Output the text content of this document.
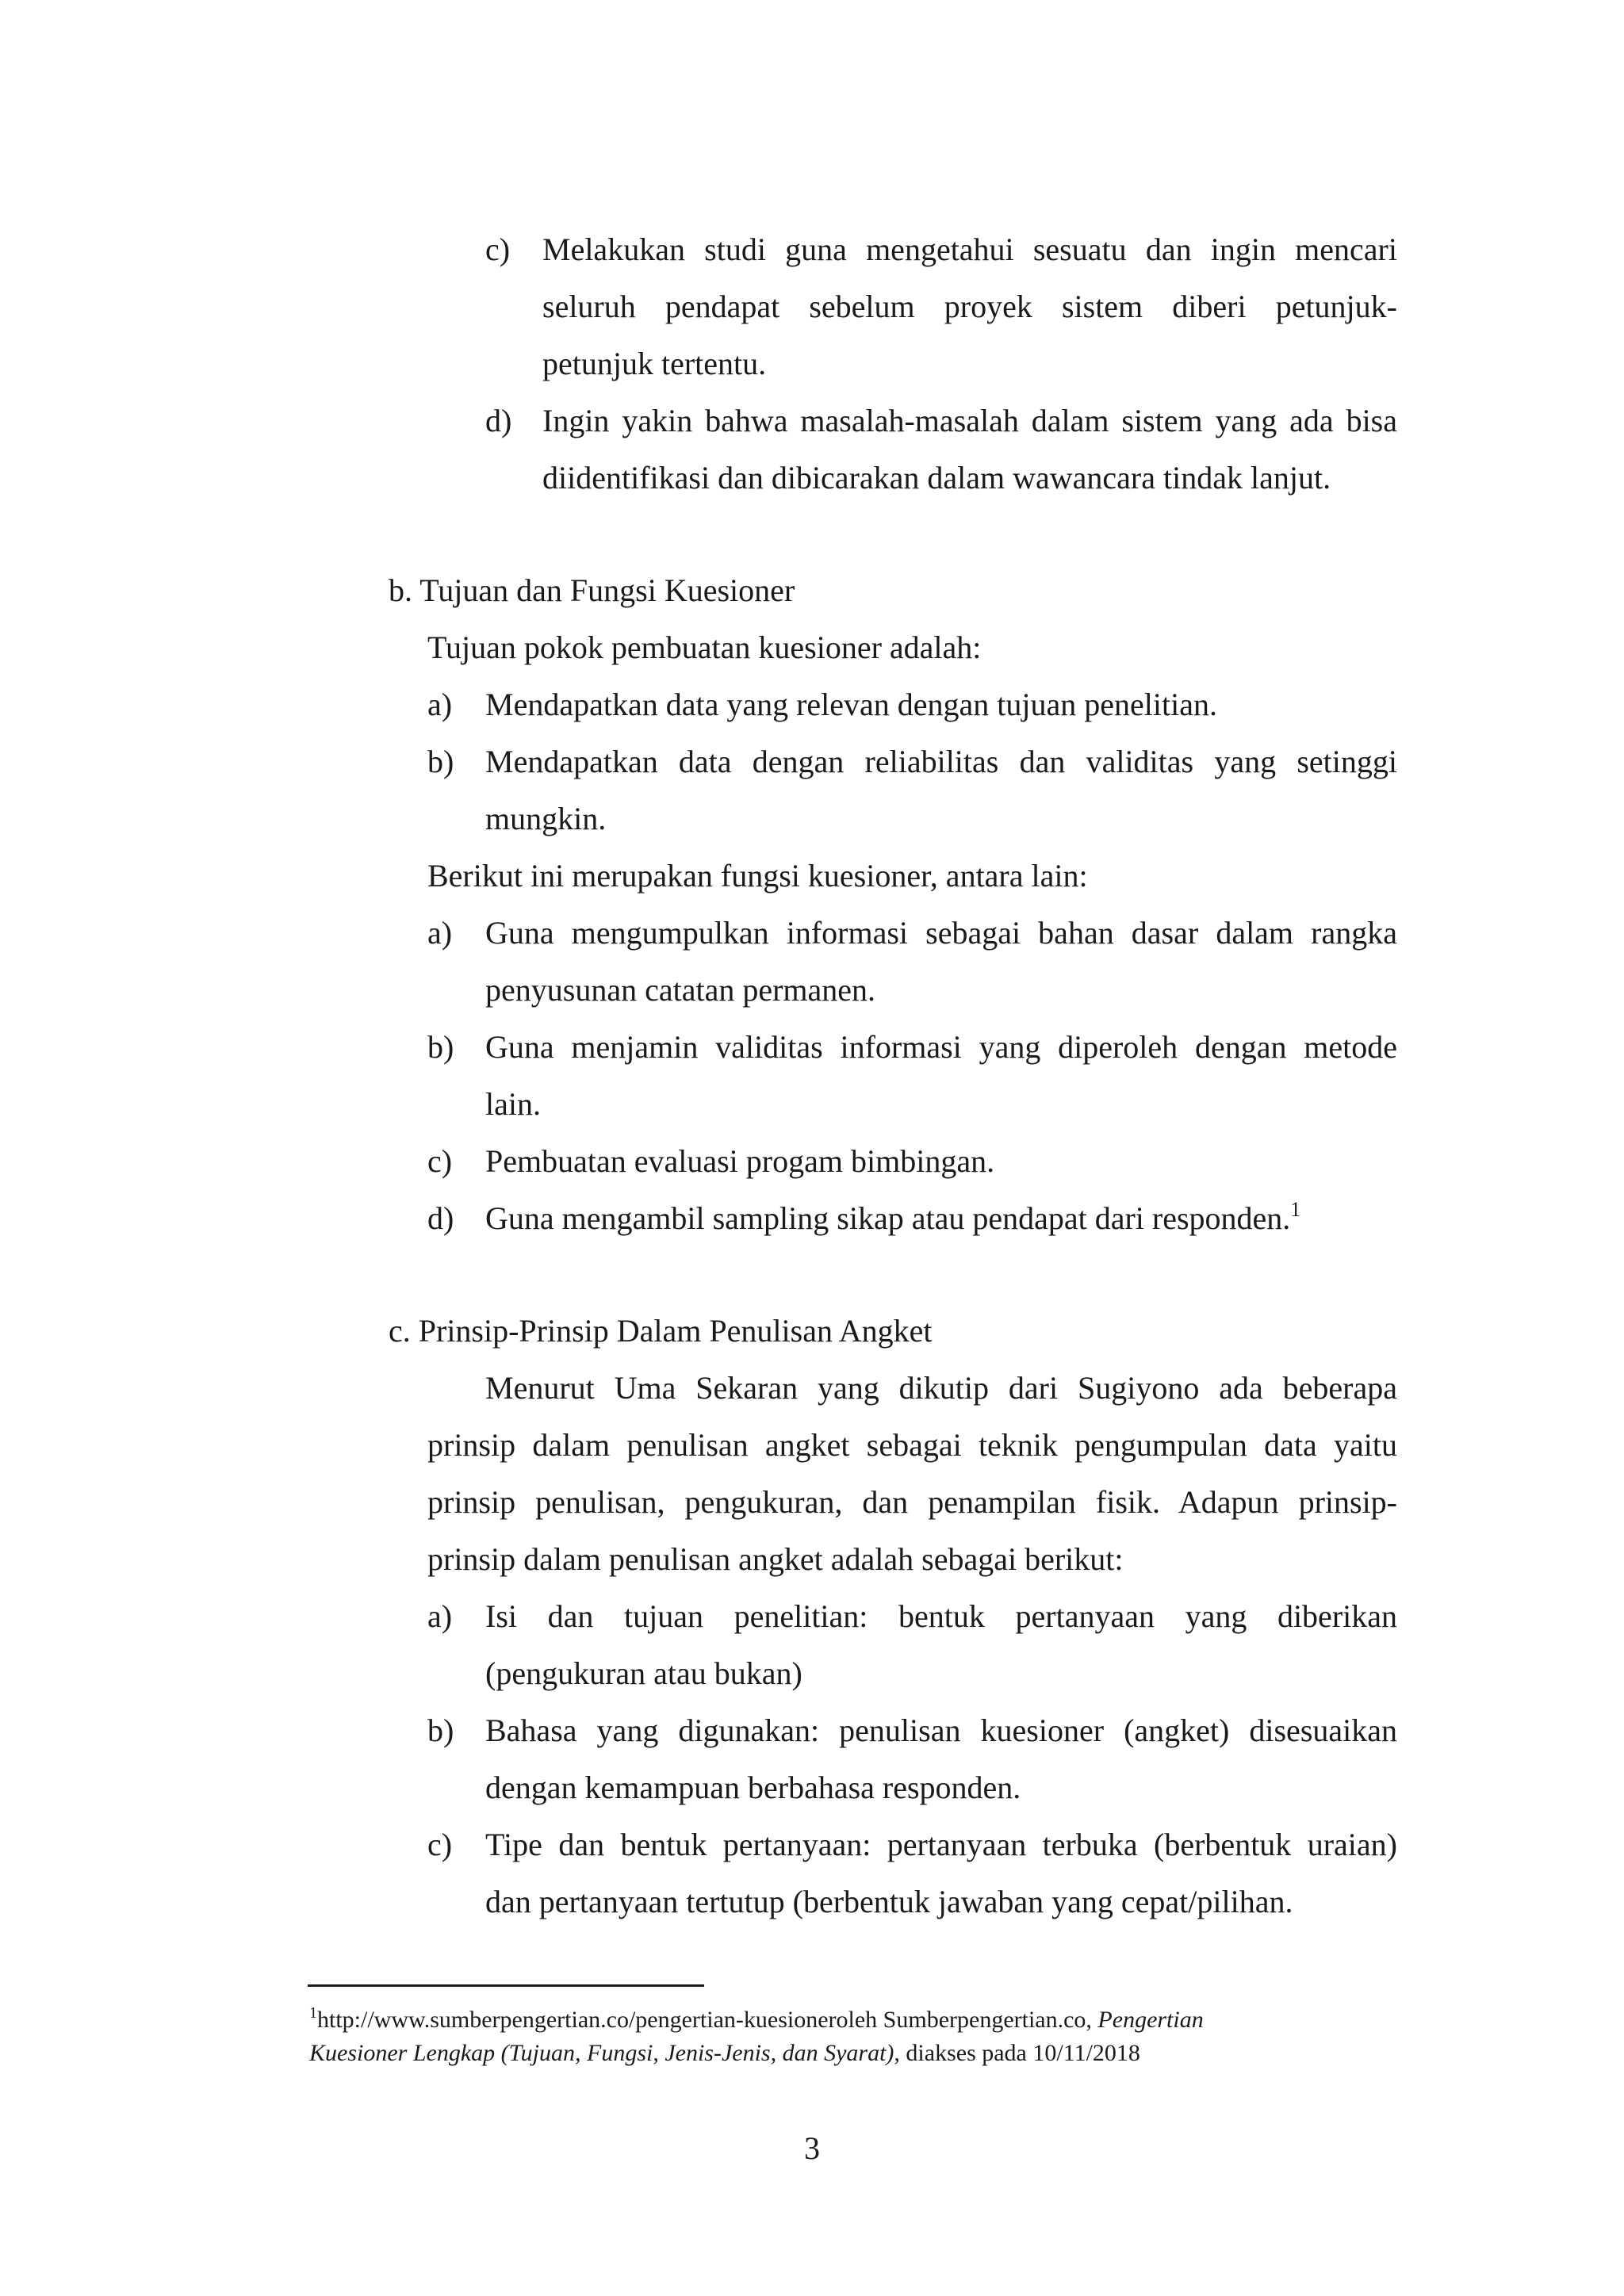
c) Melakukan studi guna mengetahui sesuatu dan ingin mencari
seluruh pendapat sebelum proyek sistem diberi petunjuk-
petunjuk tertentu.
d) Ingin yakin bahwa masalah-masalah dalam sistem yang ada bisa
diidentifikasi dan dibicarakan dalam wawancara tindak lanjut.
b. Tujuan dan Fungsi Kuesioner
Tujuan pokok pembuatan kuesioner adalah:
a) Mendapatkan data yang relevan dengan tujuan penelitian.
b) Mendapatkan data dengan reliabilitas dan validitas yang setinggi
mungkin.
Berikut ini merupakan fungsi kuesioner, antara lain:
a) Guna mengumpulkan informasi sebagai bahan dasar dalam rangka
penyusunan catatan permanen.
b) Guna menjamin validitas informasi yang diperoleh dengan metode
lain.
c) Pembuatan evaluasi progam bimbingan.
d) Guna mengambil sampling sikap atau pendapat dari responden.$^1$
c. Prinsip-Prinsip Dalam Penulisan Angket
Menurut Uma Sekaran yang dikutip dari Sugiyono ada beberapa
prinsip dalam penulisan angket sebagai teknik pengumpulan data yaitu
prinsip penulisan, pengukuran, dan penampilan fisik. Adapun prinsip-
prinsip dalam penulisan angket adalah sebagai berikut:
a) Isi dan tujuan penelitian: bentuk pertanyaan yang diberikan
(pengukuran atau bukan)
b) Bahasa yang digunakan: penulisan kuesioner (angket) disesuaikan
dengan kemampuan berbahasa responden.
c) Tipe dan bentuk pertanyaan: pertanyaan terbuka (berbentuk uraian)
dan pertanyaan tertutup (berbentuk jawaban yang cepat/pilihan.
$^1$http://www.sumberpengertian.co/pengertian-kuesioneroleh Sumberpengertian.co, Pengertian
Kuesioner Lengkap (Tujuan, Fungsi, Jenis-Jenis, dan Syarat), diakses pada 10/11/2018
3
